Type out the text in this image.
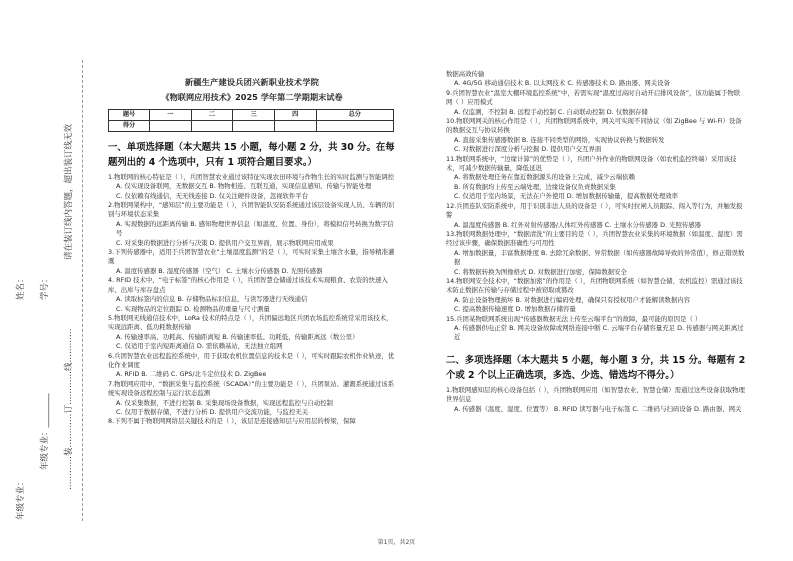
年级专业：
姓名：
年级专业：________
学号：
…………装…………订…………线…………
请在装订线内答题，超出装订线无效
新疆生产建设兵团兴新职业技术学院
《物联网应用技术》2025 学年第二学期期末试卷
题号	一	二	三	四	总分
得分					
一、单项选择题（本大题共 15 小题，每小题 2 分，共 30 分。在每题列出的 4 个选项中，只有 1 项符合题目要求。）

1.物联网的核心特征是（ ），兵团智慧农业通过该特征实现农田环境与作物生长的实时监测与智能调控

A. 仅实现设备联网，无数据交互 B. 物物相连、互联互通，实现信息感知、传输与智能处理

C. 仅依赖有线通信，无无线连接 D. 仅关注硬件设备，忽视软件平台

2.物联网架构中，“感知层”的主要功能是（ ），兵团智能队安防系统通过该层设备实现人员、车辆的识别与环境状态采集

A. 实现数据的远距离传输 B. 感知物理世界信息（如温度、位置、身份），将模拟信号转换为数字信号

C. 对采集的数据进行分析与决策 D. 提供用户交互界面，展示物联网应用成果

3.下列传感器中，适用于兵团智慧农业“土壤湿度监测”的是（ ），可实时采集土壤含水量，指导精准灌溉

A. 温度传感器 B. 湿度传感器（空气） C. 土壤水分传感器 D. 光照传感器

4. RFID 技术中，“电子标签”的核心作用是（ ），兵团智慧仓储通过该技术实现粮食、农资的快速入库、出库与库存盘点

A. 读取标签内的信息 B. 存储物品标识信息，与读写器进行无线通信

C. 实现物品的定位跟踪 D. 检测物品的重量与尺寸测量

5.物联网无线通信技术中，LoRa 技术的特点是（ ），兵团偏远地区兵团农场监控系统常采用该技术，实现远距离、低功耗数据传输

A. 传输速率高、功耗高、传输距离短 B. 传输速率低、功耗低、传输距离远（数公里）

C. 仅适用于室内短距离通信 D. 需依赖基站，无法独立组网

6.兵团智慧农业远程监控系统中，用于获取农机位置信息的技术是（ ），可实时跟踪农机作业轨迹，优化作业调度

A. RFID B. 二维码 C. GPS/北斗定位技术 D. ZigBee

7.物联网应用中，“数据采集与监控系统（SCADA）”的主要功能是（ ），兵团泵站、灌溉系统通过该系统实现设备远程控制与运行状态监测

A. 仅采集数据，不进行控制 B. 采集现场设备数据，实现远程监控与自动控制

C. 仅用于数据存储，不进行分析 D. 提供用户交流功能，与监控无关

8.下列不属于物联网网络层关键技术的是（ ），该层是连接感知层与应用层的桥梁，保障

数据高效传输

A. 4G/5G 移动通信技术 B. 以太网技术 C. 传感器技术 D. 路由器、网关设备

9.兵团智慧农业“温室大棚环境监控系统”中，若需实现“温度过高时自动开启排风设备”，该功能属于物联网（ ）应用模式

A. 仅监测，不控制 B. 远程手动控制 C. 自动联动控制 D. 仅数据存储

10.物联网网关的核心作用是（ ），兵团物联网系统中，网关可实现不同协议（如 ZigBee 与 Wi-Fi）设备的数据交互与协议转换

A. 直接采集传感器数据 B. 连接不同类型的网络，实现协议转换与数据转发

C. 对数据进行深度分析与挖掘 D. 提供用户交互界面

11.物联网系统中，“边缘计算”的优势是（ ），兵团户外作业的物联网设备（如农机监控终端）采用该技术，可减少数据传输量，降低延迟

A. 将数据处理任务在靠近数据源头的设备上完成，减少云端依赖

B. 所有数据均上传至云端处理，边缘设备仅负责数据采集

C. 仅适用于室内场景，无法在户外使用 D. 增加数据传输量，提高数据处理效率

12.兵团连队安防系统中，用于识别非法人员的设备是（ ），可实时拉闸人员跟踪、闯入等行为，并触发报警

A. 温湿度传感器 B. 红外对射传感器/人体红外传感器 C. 土壤水分传感器 D. 光照传感器

13.物联网数据处理中，“数据清洗”的主要目的是（ ），兵团智慧农业采集的环境数据（如温度、湿度）需经过该步骤，确保数据准确性与可用性

A. 增加数据量，丰富数据维度 B. 去除冗余数据、异常数据（如传感器故障导致的异常值），修正错误数据

C. 将数据转换为图像格式 D. 对数据进行加密，保障数据安全

14.物联网安全技术中，“数据加密”的作用是（ ），兵团物联网系统（如智慧仓储、农机监控）需通过该技术防止数据在传输与存储过程中被窃取或篡改

A. 防止设备物理损坏 B. 对数据进行编码处理，确保只有授权用户才能解读数据内容

C. 提高数据传输速度 D. 增加数据存储容量

15.兵团某物联网系统出现“传感器数据无法上传至云端平台”的故障，最可能的原因是（ ）

A. 传感器供电正常 B. 网关设备故障或网络连接中断 C. 云端平台存储容量充足 D. 传感器与网关距离过近

二、多项选择题（本大题共 5 小题，每小题 3 分，共 15 分。每题有 2 个或 2 个以上正确选项，多选、少选、错选均不得分。）

1.物联网感知层的核心设备包括（ ），兵团物联网应用（如智慧农业、智慧仓储）需通过这些设备获取物理世界信息

A. 传感器（温度、湿度、位置等） B. RFID 读写器与电子标签 C. 二维码与扫码设备 D. 路由器、网关

第1页，共2页
